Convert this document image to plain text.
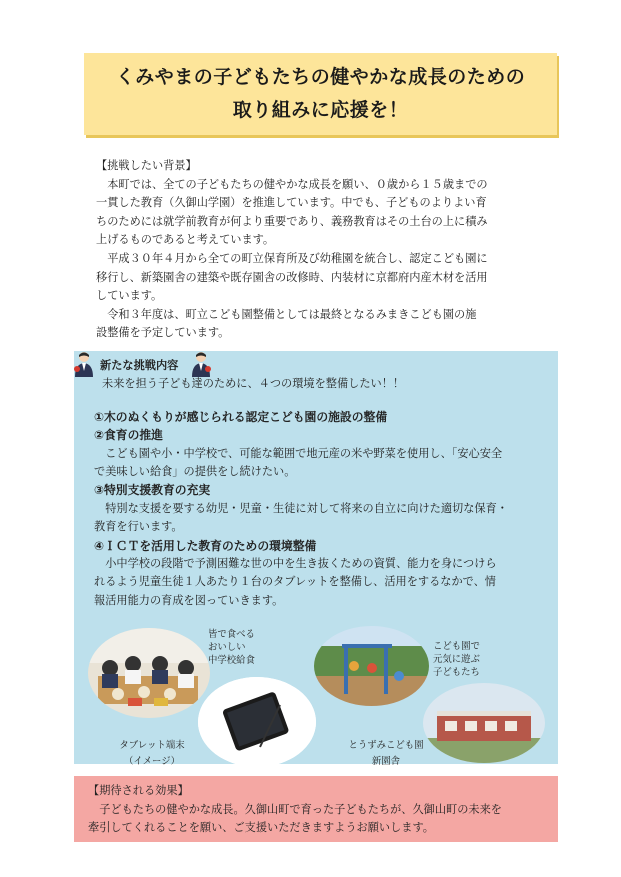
くみやまの子どもたちの健やかな成長のための
取り組みに応援を！

【挑戦したい背景】

本町では、全ての子どもたちの健やかな成長を願い、０歳から１５歳までの

一貫した教育（久御山学園）を推進しています。中でも、子どものよりよい育

ちのためには就学前教育が何より重要であり、義務教育はその土台の上に積み

上げるものであると考えています。

平成３０年４月から全ての町立保育所及び幼稚園を統合し、認定こども園に

移行し、新築園舎の建築や既存園舎の改修時、内装材に京都府内産木材を活用

しています。

令和３年度は、町立こども園整備としては最終となるみまきこども園の施

設整備を予定しています。

新たな挑戦内容

未来を担う子ども達のために、４つの環境を整備したい！！

①木のぬくもりが感じられる認定こども園の施設の整備

②食育の推進

こども園や小・中学校で、可能な範囲で地元産の米や野菜を使用し、「安心安全

で美味しい給食」の提供をし続けたい。

③特別支援教育の充実

特別な支援を要する幼児・児童・生徒に対して将来の自立に向けた適切な保育・

教育を行います。

④ＩＣＴを活用した教育のための環境整備

小中学校の段階で予測困難な世の中を生き抜くための資質、能力を身につけら

れるよう児童生徒１人あたり１台のタブレットを整備し、活用をするなかで、情

報活用能力の育成を図っていきます。

皆で食べる

おいしい

中学校給食

タブレット端末

（イメージ）

こども園で

元気に遊ぶ

子どもたち

とうずみこども園

新園舎

【期待される効果】

子どもたちの健やかな成長。久御山町で育った子どもたちが、久御山町の未来を

牽引してくれることを願い、ご支援いただきますようお願いします。
